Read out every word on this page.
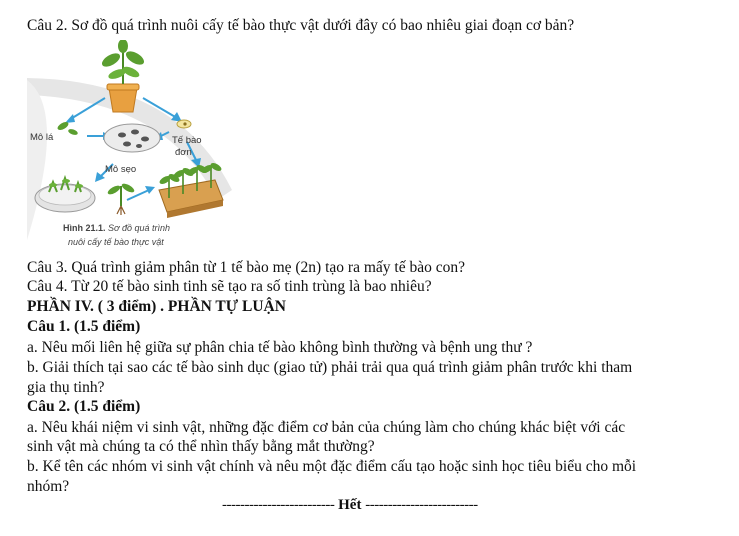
Câu 2. Sơ đồ quá trình nuôi cấy tế bào thực vật dưới đây có bao nhiêu giai đoạn cơ bản?
Mô lá
Mô sẹo
Tế bào
đơn
Hình 21.1. Sơ đồ quá trình
nuôi cấy tế bào thực vật
Câu 3. Quá trình giảm phân từ 1 tế bào mẹ (2n) tạo ra mấy tế bào con?
Câu 4. Từ 20 tế bào sinh tinh sẽ tạo ra số tinh trùng là bao nhiêu?
PHẦN IV. ( 3 điểm) . PHẦN TỰ LUẬN
Câu 1. (1.5 điểm)
a. Nêu mối liên hệ giữa sự phân chia tế bào không bình thường và bệnh ung thư ?
b. Giải thích tại sao các tế bào sinh dục (giao tử) phải trải qua quá trình giảm phân trước khi tham
gia thụ tinh?
Câu 2. (1.5 điểm)
a. Nêu khái niệm vi sinh vật, những đặc điểm cơ bản của chúng làm cho chúng khác biệt với các
sinh vật mà chúng ta có thể nhìn thấy bằng mắt thường?
b. Kể tên các nhóm vi sinh vật chính và nêu một đặc điểm cấu tạo hoặc sinh học tiêu biểu cho mỗi
nhóm?
------------------------- Hết -------------------------
